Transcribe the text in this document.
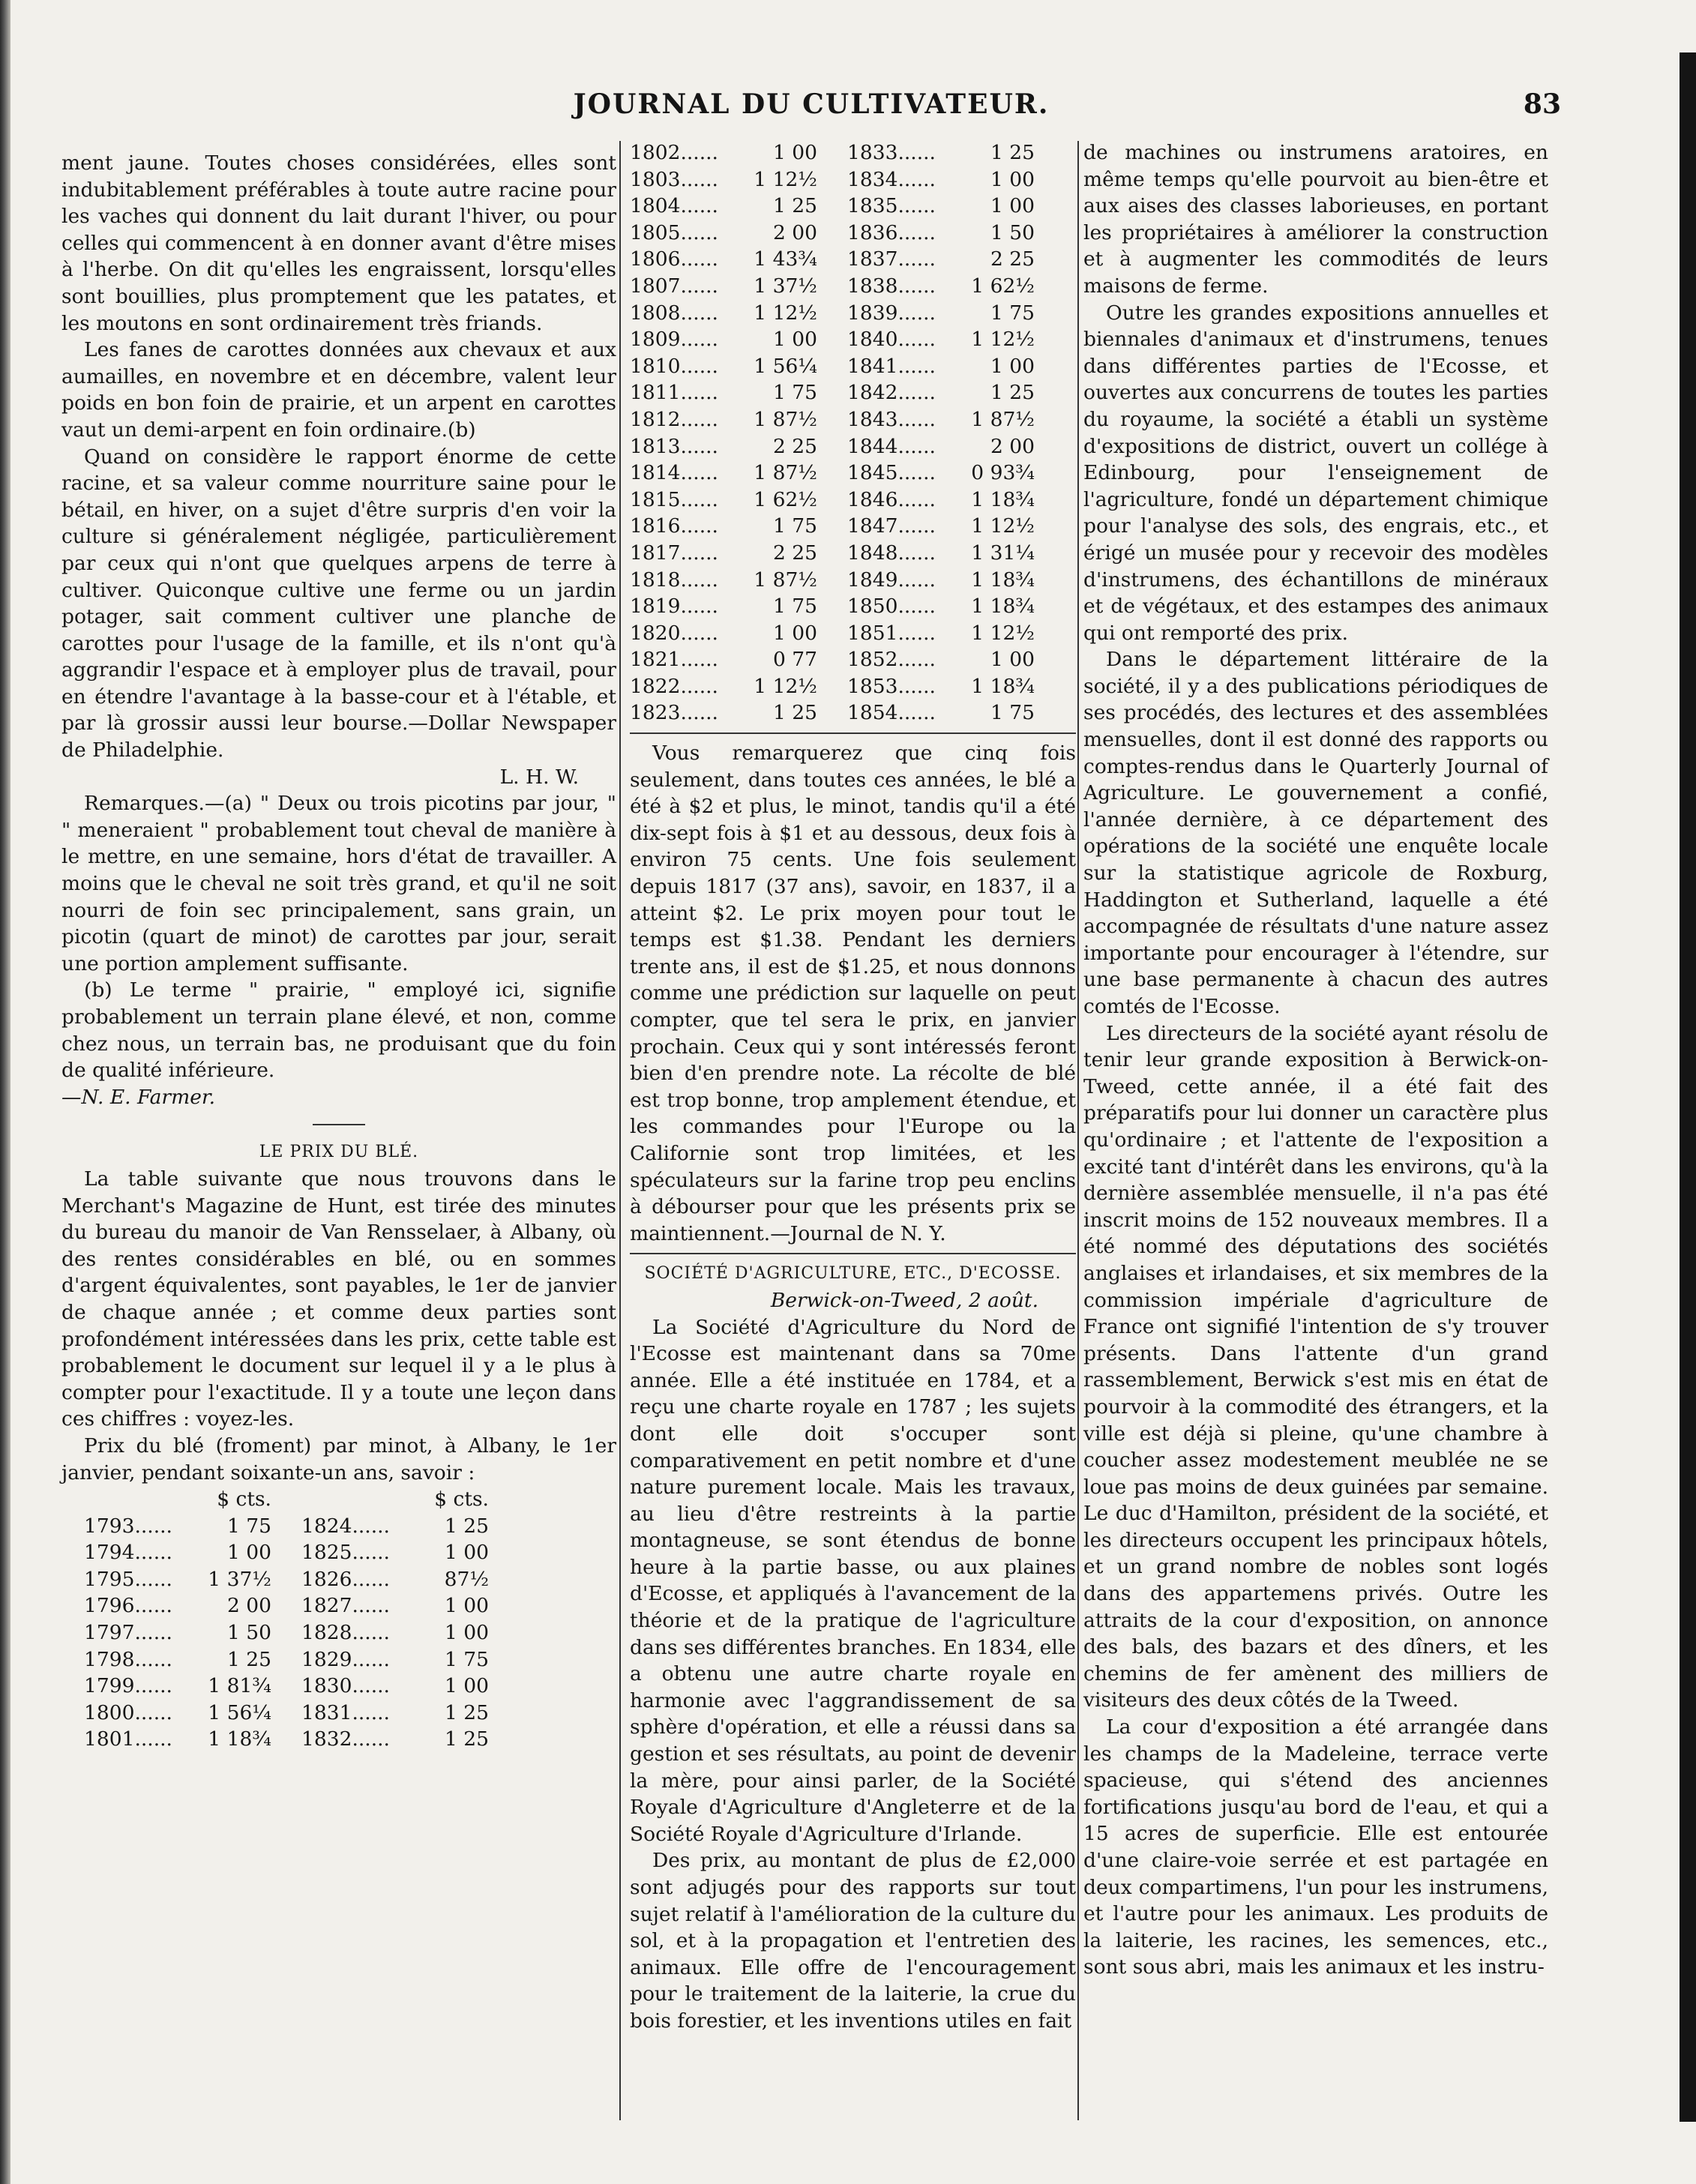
JOURNAL DU CULTIVATEUR.	83

ment jaune. Toutes choses considérées, elles sont indubitablement préférables à toute autre racine pour les vaches qui donnent du lait durant l'hiver, ou pour celles qui commencent à en donner avant d'être mises à l'herbe. On dit qu'elles les engraissent, lorsqu'elles sont bouillies, plus promptement que les patates, et les moutons en sont ordinairement très friands.

Les fanes de carottes données aux chevaux et aux aumailles, en novembre et en décembre, valent leur poids en bon foin de prairie, et un arpent en carottes vaut un demi-arpent en foin ordinaire.(b)

Quand on considère le rapport énorme de cette racine, et sa valeur comme nourriture saine pour le bétail, en hiver, on a sujet d'être surpris d'en voir la culture si généralement négligée, particulièrement par ceux qui n'ont que quelques arpens de terre à cultiver. Quiconque cultive une ferme ou un jardin potager, sait comment cultiver une planche de carottes pour l'usage de la famille, et ils n'ont qu'à aggrandir l'espace et à employer plus de travail, pour en étendre l'avantage à la basse-cour et à l'étable, et par là grossir aussi leur bourse.—Dollar Newspaper de Philadelphie.

L. H. W.

Remarques.—(a) " Deux ou trois picotins par jour, " " meneraient " probablement tout cheval de manière à le mettre, en une semaine, hors d'état de travailler. A moins que le cheval ne soit très grand, et qu'il ne soit nourri de foin sec principalement, sans grain, un picotin (quart de minot) de carottes par jour, serait une portion amplement suffisante.

(b) Le terme " prairie, " employé ici, signifie probablement un terrain plane élevé, et non, comme chez nous, un terrain bas, ne produisant que du foin de qualité inférieure.

—N. E. Farmer.

LE PRIX DU BLÉ.

La table suivante que nous trouvons dans le Merchant's Magazine de Hunt, est tirée des minutes du bureau du manoir de Van Rensselaer, à Albany, où des rentes considérables en blé, ou en sommes d'argent équivalentes, sont payables, le 1er de janvier de chaque année ; et comme deux parties sont profondément intéressées dans les prix, cette table est probablement le document sur lequel il y a le plus à compter pour l'exactitude. Il y a toute une leçon dans ces chiffres : voyez-les.

Prix du blé (froment) par minot, à Albany, le 1er janvier, pendant soixante-un ans, savoir :

	$ cts.		$ cts.
1793......	1 75	1824......	1 25
1794......	1 00	1825......	1 00
1795......	1 37½	1826......	87½
1796......	2 00	1827......	1 00
1797......	1 50	1828......	1 00
1798......	1 25	1829......	1 75
1799......	1 81¾	1830......	1 00
1800......	1 56¼	1831......	1 25
1801......	1 18¾	1832......	1 25
1802......	1 00	1833......	1 25
1803......	1 12½	1834......	1 00
1804......	1 25	1835......	1 00
1805......	2 00	1836......	1 50
1806......	1 43¾	1837......	2 25
1807......	1 37½	1838......	1 62½
1808......	1 12½	1839......	1 75
1809......	1 00	1840......	1 12½
1810......	1 56¼	1841......	1 00
1811......	1 75	1842......	1 25
1812......	1 87½	1843......	1 87½
1813......	2 25	1844......	2 00
1814......	1 87½	1845......	0 93¾
1815......	1 62½	1846......	1 18¾
1816......	1 75	1847......	1 12½
1817......	2 25	1848......	1 31¼
1818......	1 87½	1849......	1 18¾
1819......	1 75	1850......	1 18¾
1820......	1 00	1851......	1 12½
1821......	0 77	1852......	1 00
1822......	1 12½	1853......	1 18¾
1823......	1 25	1854......	1 75

Vous remarquerez que cinq fois seulement, dans toutes ces années, le blé a été à $2 et plus, le minot, tandis qu'il a été dix-sept fois à $1 et au dessous, deux fois à environ 75 cents. Une fois seulement depuis 1817 (37 ans), savoir, en 1837, il a atteint $2. Le prix moyen pour tout le temps est $1.38. Pendant les derniers trente ans, il est de $1.25, et nous donnons comme une prédiction sur laquelle on peut compter, que tel sera le prix, en janvier prochain. Ceux qui y sont intéressés feront bien d'en prendre note. La récolte de blé est trop bonne, trop amplement étendue, et les commandes pour l'Europe ou la Californie sont trop limitées, et les spéculateurs sur la farine trop peu enclins à débourser pour que les présents prix se maintiennent.—Journal de N. Y.

SOCIÉTÉ D'AGRICULTURE, ETC., D'ECOSSE.

Berwick-on-Tweed, 2 août.

La Société d'Agriculture du Nord de l'Ecosse est maintenant dans sa 70me année. Elle a été instituée en 1784, et a reçu une charte royale en 1787 ; les sujets dont elle doit s'occuper sont comparativement en petit nombre et d'une nature purement locale. Mais les travaux, au lieu d'être restreints à la partie montagneuse, se sont étendus de bonne heure à la partie basse, ou aux plaines d'Ecosse, et appliqués à l'avancement de la théorie et de la pratique de l'agriculture dans ses différentes branches. En 1834, elle a obtenu une autre charte royale en harmonie avec l'aggrandissement de sa sphère d'opération, et elle a réussi dans sa gestion et ses résultats, au point de devenir la mère, pour ainsi parler, de la Société Royale d'Agriculture d'Angleterre et de la Société Royale d'Agriculture d'Irlande.

Des prix, au montant de plus de £2,000 sont adjugés pour des rapports sur tout sujet relatif à l'amélioration de la culture du sol, et à la propagation et l'entretien des animaux. Elle offre de l'encouragement pour le traitement de la laiterie, la crue du bois forestier, et les inventions utiles en fait

de machines ou instrumens aratoires, en même temps qu'elle pourvoit au bien-être et aux aises des classes laborieuses, en portant les propriétaires à améliorer la construction et à augmenter les commodités de leurs maisons de ferme.

Outre les grandes expositions annuelles et biennales d'animaux et d'instrumens, tenues dans différentes parties de l'Ecosse, et ouvertes aux concurrens de toutes les parties du royaume, la société a établi un système d'expositions de district, ouvert un collége à Edinbourg, pour l'enseignement de l'agriculture, fondé un département chimique pour l'analyse des sols, des engrais, etc., et érigé un musée pour y recevoir des modèles d'instrumens, des échantillons de minéraux et de végétaux, et des estampes des animaux qui ont remporté des prix.

Dans le département littéraire de la société, il y a des publications périodiques de ses procédés, des lectures et des assemblées mensuelles, dont il est donné des rapports ou comptes-rendus dans le Quarterly Journal of Agriculture. Le gouvernement a confié, l'année dernière, à ce département des opérations de la société une enquête locale sur la statistique agricole de Roxburg, Haddington et Sutherland, laquelle a été accompagnée de résultats d'une nature assez importante pour encourager à l'étendre, sur une base permanente à chacun des autres comtés de l'Ecosse.

Les directeurs de la société ayant résolu de tenir leur grande exposition à Berwick-on-Tweed, cette année, il a été fait des préparatifs pour lui donner un caractère plus qu'ordinaire ; et l'attente de l'exposition a excité tant d'intérêt dans les environs, qu'à la dernière assemblée mensuelle, il n'a pas été inscrit moins de 152 nouveaux membres. Il a été nommé des députations des sociétés anglaises et irlandaises, et six membres de la commission impériale d'agriculture de France ont signifié l'intention de s'y trouver présents. Dans l'attente d'un grand rassemblement, Berwick s'est mis en état de pourvoir à la commodité des étrangers, et la ville est déjà si pleine, qu'une chambre à coucher assez modestement meublée ne se loue pas moins de deux guinées par semaine. Le duc d'Hamilton, président de la société, et les directeurs occupent les principaux hôtels, et un grand nombre de nobles sont logés dans des appartemens privés. Outre les attraits de la cour d'exposition, on annonce des bals, des bazars et des dîners, et les chemins de fer amènent des milliers de visiteurs des deux côtés de la Tweed.

La cour d'exposition a été arrangée dans les champs de la Madeleine, terrace verte spacieuse, qui s'étend des anciennes fortifications jusqu'au bord de l'eau, et qui a 15 acres de superficie. Elle est entourée d'une claire-voie serrée et est partagée en deux compartimens, l'un pour les instrumens, et l'autre pour les animaux. Les produits de la laiterie, les racines, les semences, etc., sont sous abri, mais les animaux et les instru-
